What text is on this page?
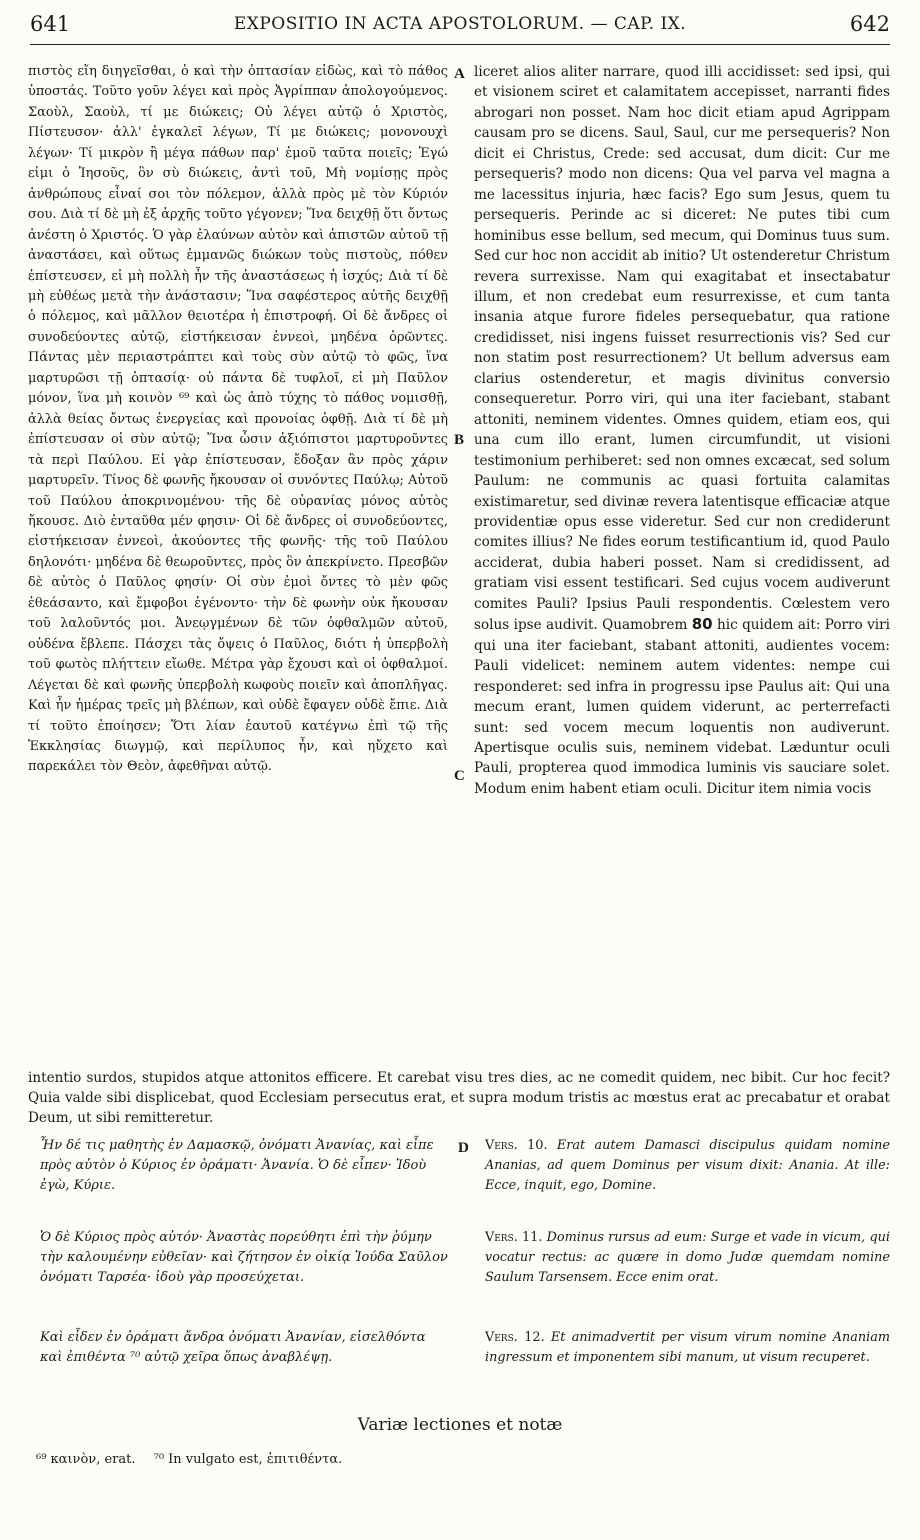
641	EXPOSITIO IN ACTA APOSTOLORUM. — CAP. IX.	642

πιστὸς εἴη διηγεῖσθαι, ὁ καὶ τὴν ὀπτασίαν εἰδὼς, καὶ τὸ πάθος ὑποστάς. Τοῦτο γοῦν λέγει καὶ πρὸς Ἀγρίππαν ἀπολογούμενος. Σαοὺλ, Σαοὺλ, τί με διώκεις; Οὐ λέγει αὐτῷ ὁ Χριστὸς, Πίστευσον· ἀλλ' ἐγκαλεῖ λέγων, Τί με διώκεις; μονονουχὶ λέγων· Τί μικρὸν ἢ μέγα πάθων παρ' ἐμοῦ ταῦτα ποιεῖς; Ἐγώ εἰμι ὁ Ἰησοῦς, ὃν σὺ διώκεις, ἀντὶ τοῦ, Μὴ νομίσῃς πρὸς ἀνθρώπους εἶναί σοι τὸν πόλεμον, ἀλλὰ πρὸς μὲ τὸν Κύριόν σου. Διὰ τί δὲ μὴ ἐξ ἀρχῆς τοῦτο γέγονεν; Ἵνα δειχθῇ ὅτι ὄντως ἀνέστη ὁ Χριστός. Ὁ γὰρ ἐλαύνων αὐτὸν καὶ ἀπιστῶν αὐτοῦ τῇ ἀναστάσει, καὶ οὕτως ἐμμανῶς διώκων τοὺς πιστοὺς, πόθεν ἐπίστευσεν, εἰ μὴ πολλὴ ἦν τῆς ἀναστάσεως ἡ ἰσχύς; Διὰ τί δὲ μὴ εὐθέως μετὰ τὴν ἀνάστασιν; Ἵνα σαφέστερος αὐτῆς δειχθῇ ὁ πόλεμος, καὶ μᾶλλον θειοτέρα ἡ ἐπιστροφή. Οἱ δὲ ἄνδρες οἱ συνοδεύοντες αὐτῷ, εἱστήκεισαν ἐννεοὶ, μηδένα ὁρῶντες. Πάντας μὲν περιαστράπτει καὶ τοὺς σὺν αὐτῷ τὸ φῶς, ἵνα μαρτυρῶσι τῇ ὀπτασίᾳ· οὐ πάντα δὲ τυφλοῖ, εἰ μὴ Παῦλον μόνον, ἵνα μὴ κοινὸν ⁶⁹ καὶ ὡς ἀπὸ τύχης τὸ πάθος νομισθῇ, ἀλλὰ θείας ὄντως ἐνεργείας καὶ προνοίας ὀφθῇ. Διὰ τί δὲ μὴ ἐπίστευσαν οἱ σὺν αὐτῷ; Ἵνα ὦσιν ἀξιόπιστοι μαρτυροῦντες τὰ περὶ Παύλου. Εἰ γὰρ ἐπίστευσαν, ἔδοξαν ἂν πρὸς χάριν μαρτυρεῖν. Τίνος δὲ φωνῆς ἤκουσαν οἱ συνόντες Παύλῳ; Αὐτοῦ τοῦ Παύλου ἀποκρινομένου· τῆς δὲ οὐρανίας μόνος αὐτὸς ἤκουσε. Διὸ ἐνταῦθα μέν φησιν· Οἱ δὲ ἄνδρες οἱ συνοδεύοντες, εἱστήκεισαν ἐννεοὶ, ἀκούοντες τῆς φωνῆς· τῆς τοῦ Παύλου δηλονότι· μηδένα δὲ θεωροῦντες, πρὸς ὃν ἀπεκρίνετο. Πρεσβῶν δὲ αὐτὸς ὁ Παῦλος φησίν· Οἱ σὺν ἐμοὶ ὄντες τὸ μὲν φῶς ἐθεάσαντο, καὶ ἔμφοβοι ἐγένοντο· τὴν δὲ φωνὴν οὐκ ἤκουσαν τοῦ λαλοῦντός μοι. Ἀνεῳγμένων δὲ τῶν ὀφθαλμῶν αὐτοῦ, οὐδένα ἔβλεπε. Πάσχει τὰς ὄψεις ὁ Παῦλος, διότι ἡ ὑπερβολὴ τοῦ φωτὸς πλήττειν εἴωθε. Μέτρα γὰρ ἔχουσι καὶ οἱ ὀφθαλμοί. Λέγεται δὲ καὶ φωνῆς ὑπερβολὴ κωφοὺς ποιεῖν καὶ ἀποπλῆγας. Καὶ ἦν ἡμέρας τρεῖς μὴ βλέπων, καὶ οὐδὲ ἔφαγεν οὐδὲ ἔπιε. Διὰ τί τοῦτο ἐποίησεν; Ὅτι λίαν ἑαυτοῦ κατέγνω ἐπὶ τῷ τῆς Ἐκκλησίας διωγμῷ, καὶ περίλυπος ἦν, καὶ ηὔχετο καὶ παρεκάλει τὸν Θεὸν, ἀφεθῆναι αὐτῷ.

A
B
C
D

liceret alios aliter narrare, quod illi accidisset: sed ipsi, qui et visionem sciret et calamitatem accepisset, narranti fides abrogari non posset. Nam hoc dicit etiam apud Agrippam causam pro se dicens. Saul, Saul, cur me persequeris? Non dicit ei Christus, Crede: sed accusat, dum dicit: Cur me persequeris? modo non dicens: Qua vel parva vel magna a me lacessitus injuria, hæc facis? Ego sum Jesus, quem tu persequeris. Perinde ac si diceret: Ne putes tibi cum hominibus esse bellum, sed mecum, qui Dominus tuus sum. Sed cur hoc non accidit ab initio? Ut ostenderetur Christum revera surrexisse. Nam qui exagitabat et insectabatur illum, et non credebat eum resurrexisse, et cum tanta insania atque furore fideles persequebatur, qua ratione credidisset, nisi ingens fuisset resurrectionis vis? Sed cur non statim post resurrectionem? Ut bellum adversus eam clarius ostenderetur, et magis divinitus conversio consequeretur. Porro viri, qui una iter faciebant, stabant attoniti, neminem videntes. Omnes quidem, etiam eos, qui una cum illo erant, lumen circumfundit, ut visioni testimonium perhiberet: sed non omnes excæcat, sed solum Paulum: ne communis ac quasi fortuita calamitas existimaretur, sed divinæ revera latentisque efficaciæ atque providentiæ opus esse videretur. Sed cur non crediderunt comites illius? Ne fides eorum testificantium id, quod Paulo acciderat, dubia haberi posset. Nam si credidissent, ad gratiam visi essent testificari. Sed cujus vocem audiverunt comites Pauli? Ipsius Pauli respondentis. Cœlestem vero solus ipse audivit. Quamobrem 80 hic quidem ait: Porro viri qui una iter faciebant, stabant attoniti, audientes vocem: Pauli videlicet: neminem autem videntes: nempe cui responderet: sed infra in progressu ipse Paulus ait: Qui una mecum erant, lumen quidem viderunt, ac perterrefacti sunt: sed vocem mecum loquentis non audiverunt. Apertisque oculis suis, neminem videbat. Læduntur oculi Pauli, propterea quod immodica luminis vis sauciare solet. Modum enim habent etiam oculi. Dicitur item nimia vocis

intentio surdos, stupidos atque attonitos efficere. Et carebat visu tres dies, ac ne comedit quidem, nec bibit. Cur hoc fecit? Quia valde sibi displicebat, quod Ecclesiam persecutus erat, et supra modum tristis ac mœstus erat ac precabatur et orabat Deum, ut sibi remitteretur.

Ἦν δέ τις μαθητὴς ἐν Δαμασκῷ, ὀνόματι Ἀνανίας, καὶ εἶπε πρὸς αὐτὸν ὁ Κύριος ἐν ὁράματι· Ἀνανία. Ὁ δὲ εἶπεν· Ἰδοὺ ἐγὼ, Κύριε.

Vers. 10. Erat autem Damasci discipulus quidam nomine Ananias, ad quem Dominus per visum dixit: Anania. At ille: Ecce, inquit, ego, Domine.

Ὁ δὲ Κύριος πρὸς αὐτόν· Ἀναστὰς πορεύθητι ἐπὶ τὴν ῥύμην τὴν καλουμένην εὐθεῖαν· καὶ ζήτησον ἐν οἰκίᾳ Ἰούδα Σαῦλον ὀνόματι Ταρσέα· ἰδοὺ γὰρ προσεύχεται.

Vers. 11. Dominus rursus ad eum: Surge et vade in vicum, qui vocatur rectus: ac quære in domo Judæ quemdam nomine Saulum Tarsensem. Ecce enim orat.

Καὶ εἶδεν ἐν ὁράματι ἄνδρα ὀνόματι Ἀνανίαν, εἰσελθόντα καὶ ἐπιθέντα ⁷⁰ αὐτῷ χεῖρα ὅπως ἀναβλέψῃ.

Vers. 12. Et animadvertit per visum virum nomine Ananiam ingressum et imponentem sibi manum, ut visum recuperet.

Variæ lectiones et notæ
⁶⁹ καινὸν, erat. ⁷⁰ In vulgato est, ἐπιτιθέντα.
